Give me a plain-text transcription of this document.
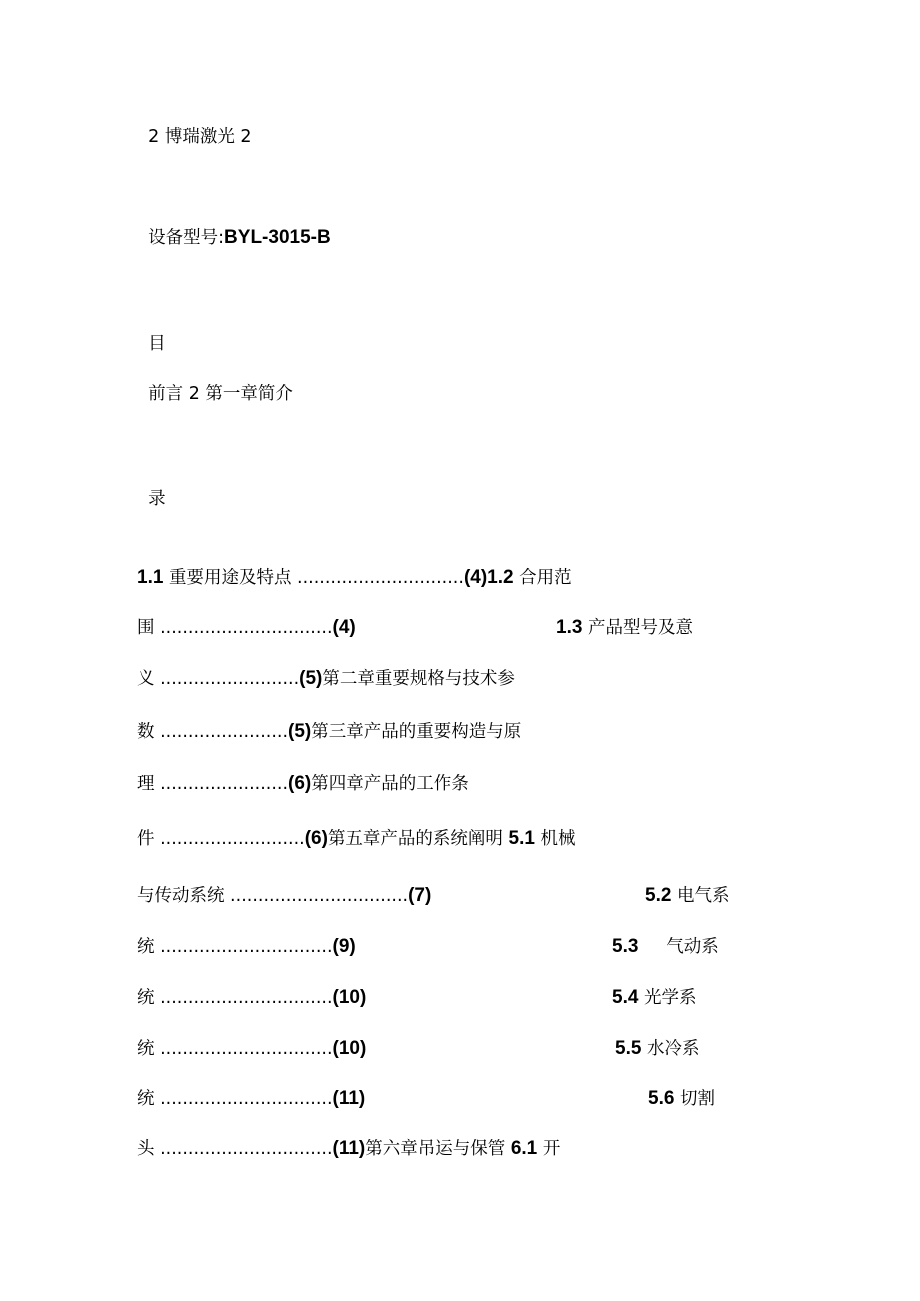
2 博瑞激光 2

设备型号:BYL-3015-B

目

前言 2 第一章简介

录

1.1 重要用途及特点 ..............................(4)1.2 合用范
围 ...............................(4)
义 .........................(5)第二章重要规格与技术参
数 .......................(5)第三章产品的重要构造与原
理 .......................(6)第四章产品的工作条
件 ..........................(6)第五章产品的系统阐明 5.1 机械
与传动系统 ................................(7)
统 ...............................(9)
统 ...............................(10)
统 ...............................(10)
统 ...............................(11)
头 ...............................(11)第六章吊运与保管 6.1 开
1.3 产品型号及意
5.2 电气系
5.3     气动系
5.4 光学系
5.5 水冷系
5.6 切割
